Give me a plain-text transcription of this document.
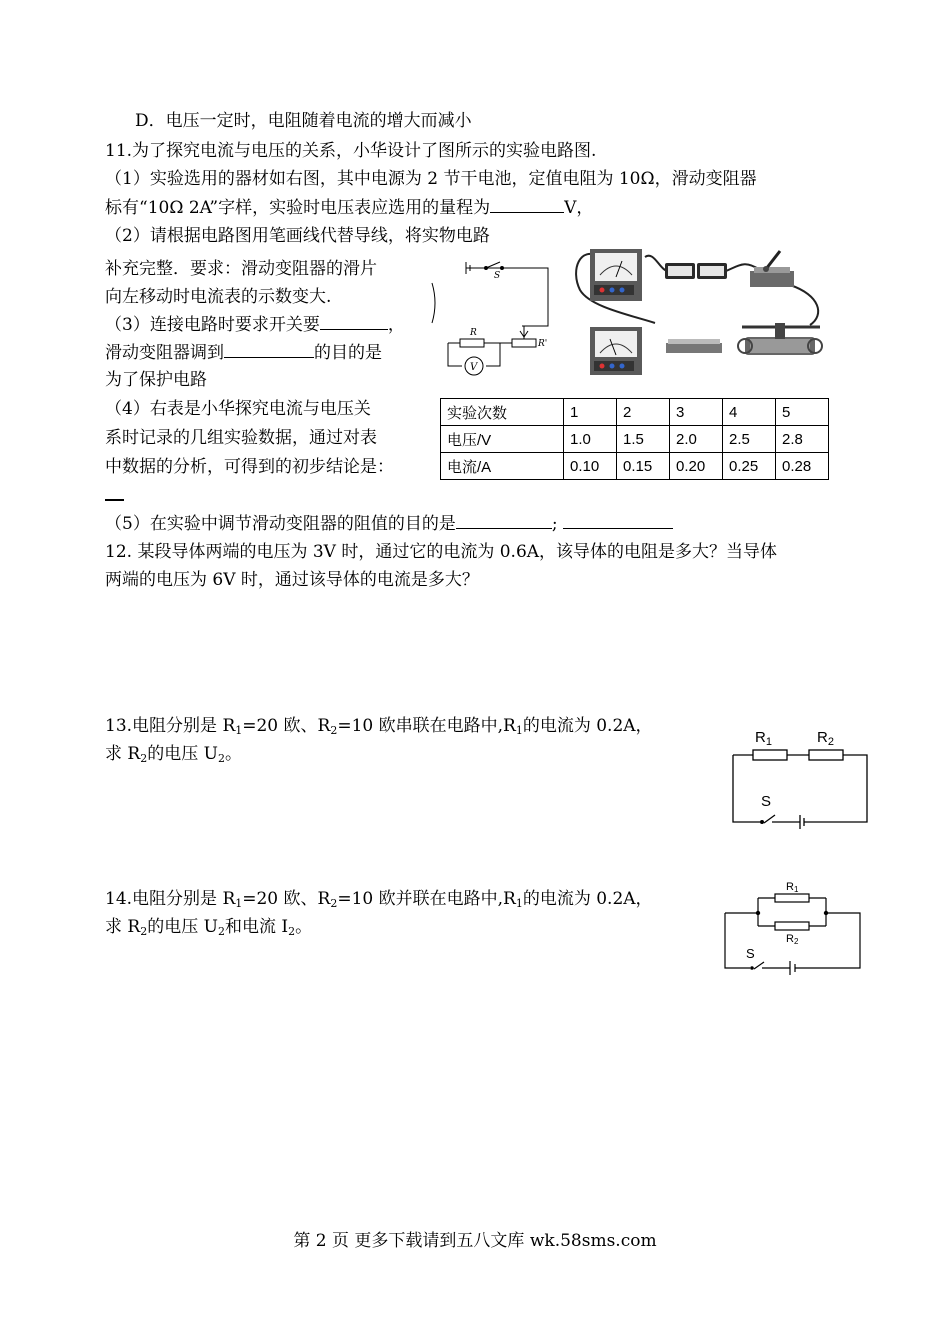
D．电压一定时，电阻随着电流的增大而减小
11.为了探究电流与电压的关系，小华设计了图所示的实验电路图.
（1）实验选用的器材如右图，其中电源为 2 节干电池，定值电阻为 10Ω，滑动变阻器
标有“10Ω 2A”字样，实验时电压表应选用的量程为	V，
（2）请根据电路图用笔画线代替导线，将实物电路
补充完整．要求：滑动变阻器的滑片
向左移动时电流表的示数变大.
（3）连接电路时要求开关要	，
滑动变阻器调到	的目的是
为了保护电路
（4）右表是小华探究电流与电压关
系时记录的几组实验数据，通过对表
中数据的分析，可得到的初步结论是：
（5）在实验中调节滑动变阻器的阻值的目的是	;
S
R
R'
V
实验次数	1	2	3	4	5
电压/V	1.0	1.5	2.0	2.5	2.8
电流/A	0.10	0.15	0.20	0.25	0.28
12. 某段导体两端的电压为 3V 时，通过它的电流为 0.6A，该导体的电阻是多大？当导体
两端的电压为 6V 时，通过该导体的电流是多大？
13.电阻分别是 $R_1=20$ 欧、$R_2=10$ 欧串联在电路中$,R_1$的电流为 0.2A，
求 $R_2$的电压 $U_2$。
$R_1$	$R_2$
S
14.电阻分别是 $R_1=20$ 欧、$R_2=10$ 欧并联在电路中$,R_1$的电流为 0.2A，
求 $R_2$的电压 $U_2$和电流 $I_2$。
R1
R2
S
第 2 页 更多下载请到五八文库 wk.58sms.com
